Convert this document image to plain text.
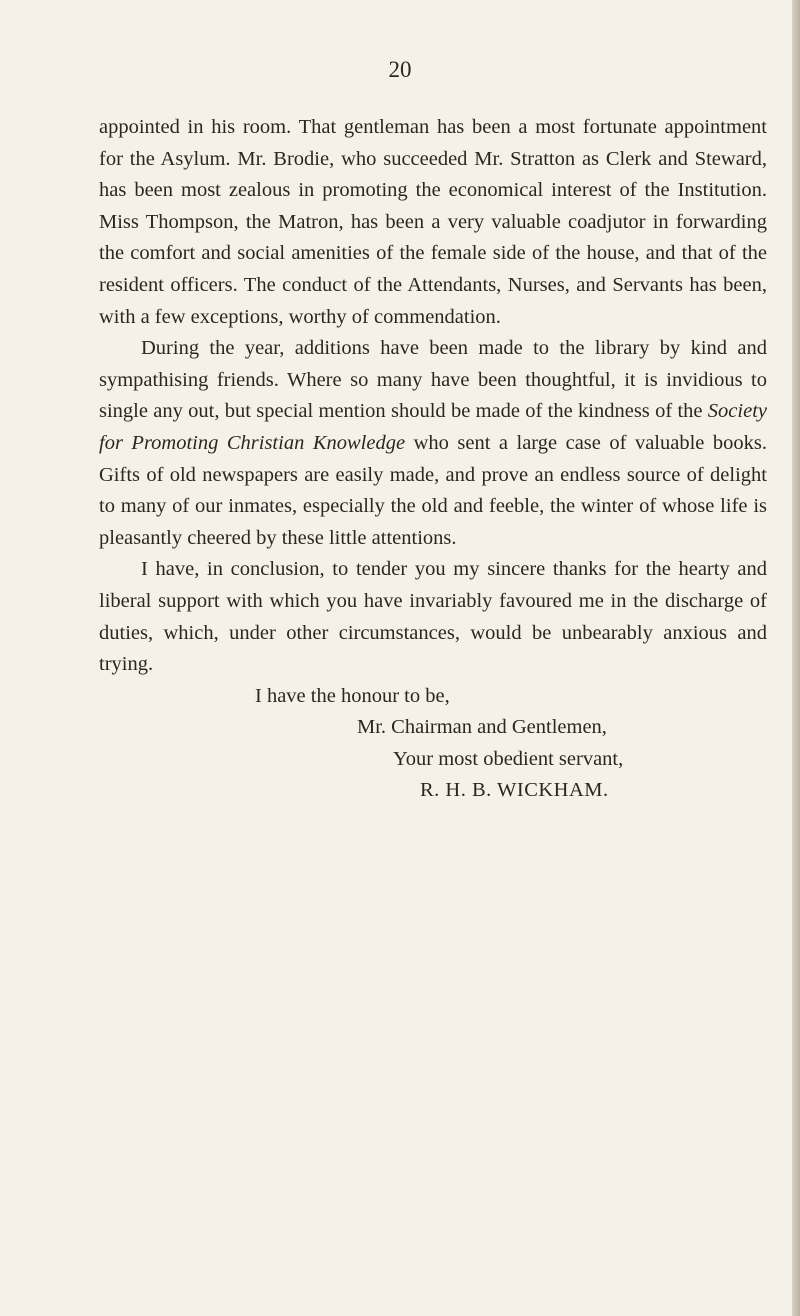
20

appointed in his room. That gentleman has been a most fortunate appointment for the Asylum. Mr. Brodie, who succeeded Mr. Stratton as Clerk and Steward, has been most zealous in promoting the economical interest of the Institution. Miss Thompson, the Matron, has been a very valuable coadjutor in forwarding the comfort and social amenities of the female side of the house, and that of the resident officers. The conduct of the Attendants, Nurses, and Servants has been, with a few exceptions, worthy of commendation.

During the year, additions have been made to the library by kind and sympathising friends. Where so many have been thoughtful, it is invidious to single any out, but special mention should be made of the kindness of the Society for Promoting Christian Knowledge who sent a large case of valuable books. Gifts of old newspapers are easily made, and prove an endless source of delight to many of our inmates, especially the old and feeble, the winter of whose life is pleasantly cheered by these little attentions.

I have, in conclusion, to tender you my sincere thanks for the hearty and liberal support with which you have invariably favoured me in the discharge of duties, which, under other circumstances, would be unbearably anxious and trying.

I have the honour to be,

Mr. Chairman and Gentlemen,

Your most obedient servant,

R. H. B. WICKHAM.
